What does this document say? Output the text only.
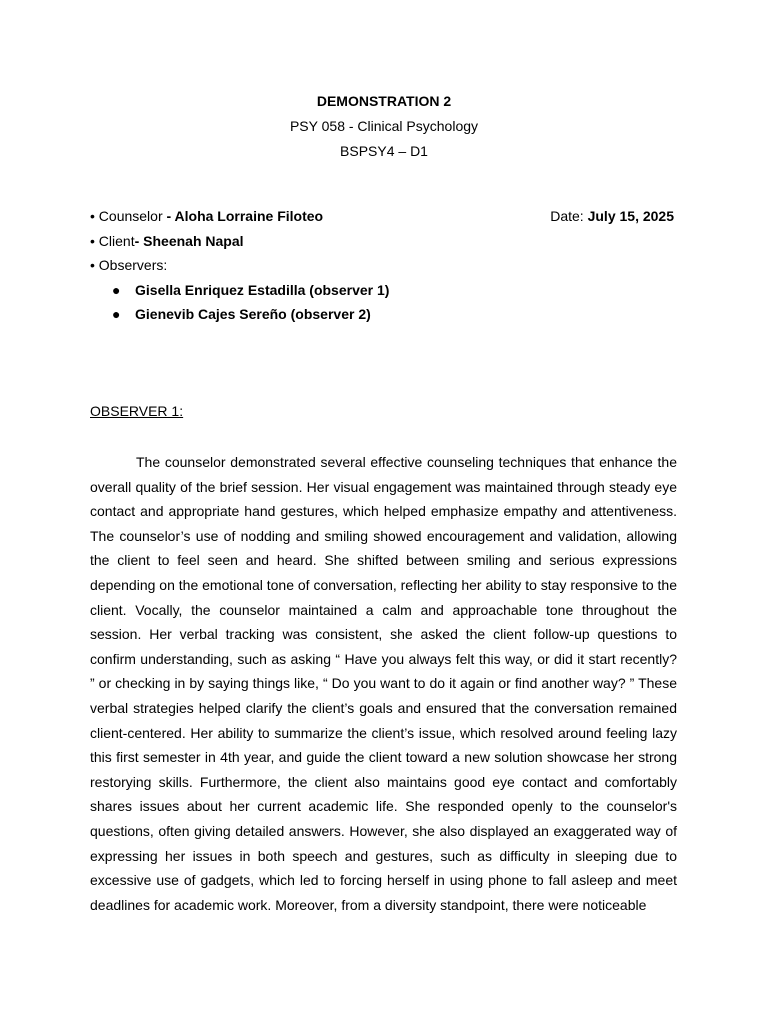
DEMONSTRATION 2
PSY 058 - Clinical Psychology
BSPSY4 – D1
• Counselor - Aloha Lorraine Filoteo	Date: July 15, 2025
• Client- Sheenah Napal
• Observers:
● Gisella Enriquez Estadilla (observer 1)
● Gienevib Cajes Sereño (observer 2)
OBSERVER 1:

The counselor demonstrated several effective counseling techniques that enhance the overall quality of the brief session. Her visual engagement was maintained through steady eye contact and appropriate hand gestures, which helped emphasize empathy and attentiveness. The counselor’s use of nodding and smiling showed encouragement and validation, allowing the client to feel seen and heard. She shifted between smiling and serious expressions depending on the emotional tone of conversation, reflecting her ability to stay responsive to the client. Vocally, the counselor maintained a calm and approachable tone throughout the session. Her verbal tracking was consistent, she asked the client follow-up questions to confirm understanding, such as asking “ Have you always felt this way, or did it start recently? ” or checking in by saying things like, “ Do you want to do it again or find another way? ” These verbal strategies helped clarify the client’s goals and ensured that the conversation remained client-centered. Her ability to summarize the client’s issue, which resolved around feeling lazy this first semester in 4th year, and guide the client toward a new solution showcase her strong restorying skills. Furthermore, the client also maintains good eye contact and comfortably shares issues about her current academic life. She responded openly to the counselor's questions, often giving detailed answers. However, she also displayed an exaggerated way of expressing her issues in both speech and gestures, such as difficulty in sleeping due to excessive use of gadgets, which led to forcing herself in using phone to fall asleep and meet deadlines for academic work. Moreover, from a diversity standpoint, there were noticeable
